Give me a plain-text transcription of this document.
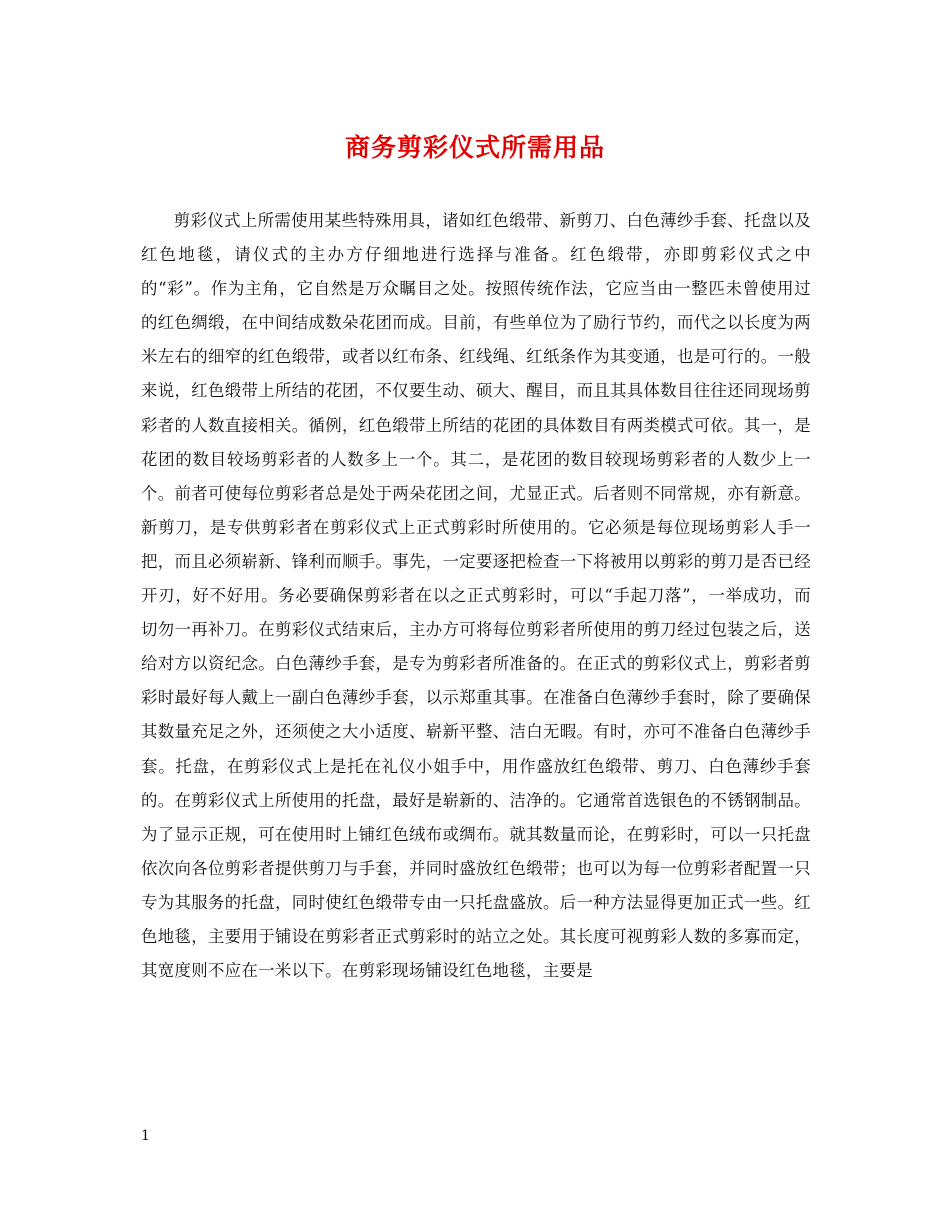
商务剪彩仪式所需用品

剪彩仪式上所需使用某些特殊用具，诸如红色缎带、新剪刀、白色薄纱手套、托盘以及红色地毯，请仪式的主办方仔细地进行选择与准备。红色缎带，亦即剪彩仪式之中的“彩”。作为主角，它自然是万众瞩目之处。按照传统作法，它应当由一整匹未曾使用过的红色绸缎，在中间结成数朵花团而成。目前，有些单位为了励行节约，而代之以长度为两米左右的细窄的红色缎带，或者以红布条、红线绳、红纸条作为其变通，也是可行的。一般来说，红色缎带上所结的花团，不仅要生动、硕大、醒目，而且其具体数目往往还同现场剪彩者的人数直接相关。循例，红色缎带上所结的花团的具体数目有两类模式可依。其一，是花团的数目较场剪彩者的人数多上一个。其二，是花团的数目较现场剪彩者的人数少上一个。前者可使每位剪彩者总是处于两朵花团之间，尤显正式。后者则不同常规，亦有新意。新剪刀，是专供剪彩者在剪彩仪式上正式剪彩时所使用的。它必须是每位现场剪彩人手一把，而且必须崭新、锋利而顺手。事先，一定要逐把检查一下将被用以剪彩的剪刀是否已经开刃，好不好用。务必要确保剪彩者在以之正式剪彩时，可以“手起刀落”，一举成功，而切勿一再补刀。在剪彩仪式结束后，主办方可将每位剪彩者所使用的剪刀经过包装之后，送给对方以资纪念。白色薄纱手套，是专为剪彩者所准备的。在正式的剪彩仪式上，剪彩者剪彩时最好每人戴上一副白色薄纱手套，以示郑重其事。在准备白色薄纱手套时，除了要确保其数量充足之外，还须使之大小适度、崭新平整、洁白无暇。有时，亦可不准备白色薄纱手套。托盘，在剪彩仪式上是托在礼仪小姐手中，用作盛放红色缎带、剪刀、白色薄纱手套的。在剪彩仪式上所使用的托盘，最好是崭新的、洁净的。它通常首选银色的不锈钢制品。为了显示正规，可在使用时上铺红色绒布或绸布。就其数量而论，在剪彩时，可以一只托盘依次向各位剪彩者提供剪刀与手套，并同时盛放红色缎带；也可以为每一位剪彩者配置一只专为其服务的托盘，同时使红色缎带专由一只托盘盛放。后一种方法显得更加正式一些。红色地毯，主要用于铺设在剪彩者正式剪彩时的站立之处。其长度可视剪彩人数的多寡而定，其宽度则不应在一米以下。在剪彩现场铺设红色地毯，主要是

1
